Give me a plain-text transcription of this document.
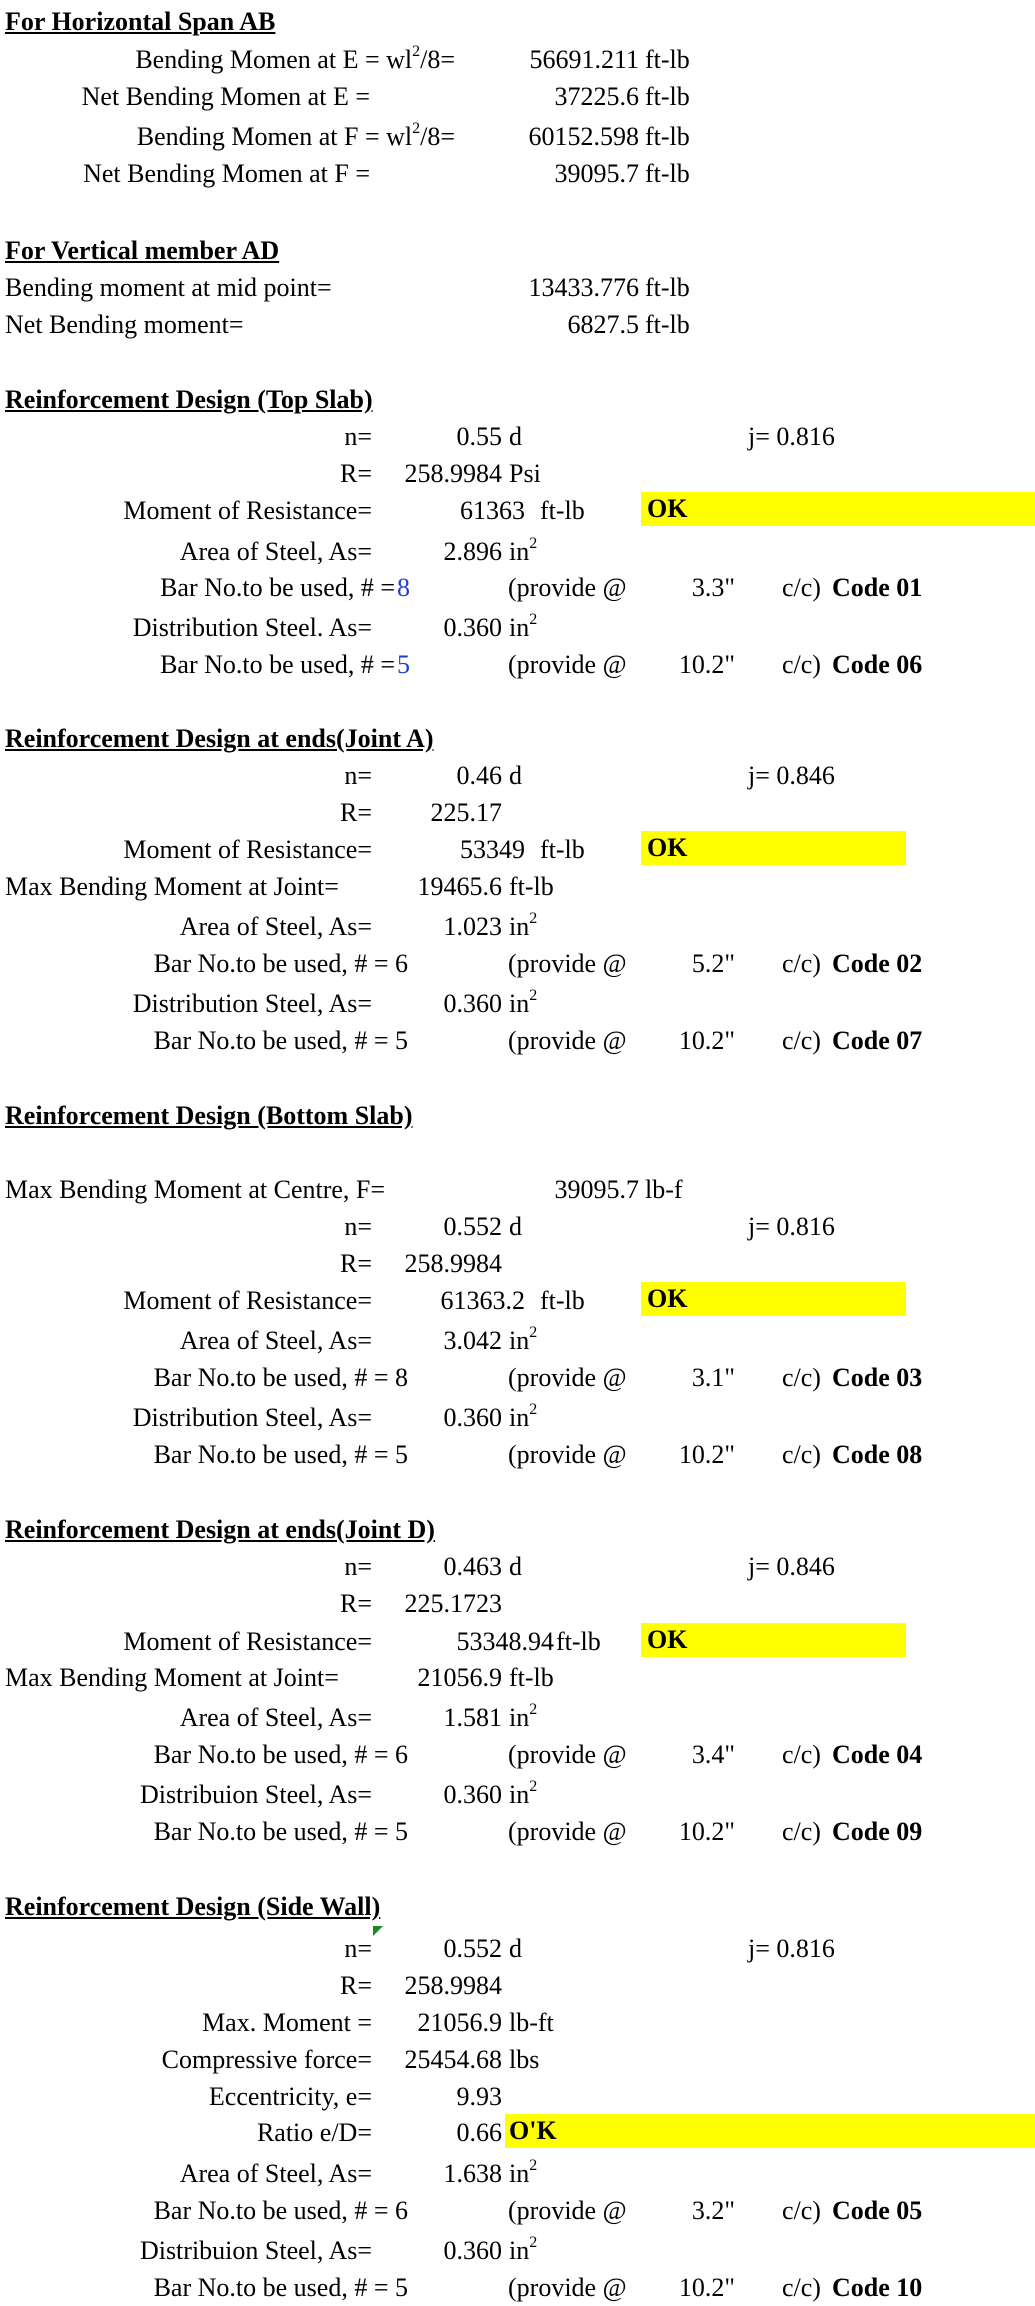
For Horizontal Span AB
Bending Momen at $E = wl^2/8=$	56691.211 ft-lb
Net Bending Momen at E =	37225.6 ft-lb
Bending Momen at $F = wl^2/8=$	60152.598 ft-lb
Net Bending Momen at F =	39095.7 ft-lb
For Vertical member AD
Bending moment at mid point=	13433.776 ft-lb
Net Bending moment=	6827.5 ft-lb
Reinforcement Design (Top Slab)
n=	0.55 d	j= 0.816
R= 258.9984 Psi
Moment of Resistance=	61363 ft-lb OK
Area of Steel, As=	2.896 $in^2$
Bar No.to be used, # = 8	(provide @	3.3" c/c) Code 01
Distribution Steel. As=	0.360 $in^2$
Bar No.to be used, # = 5	(provide @ 10.2" c/c) Code 06
Reinforcement Design at ends(Joint A)
n=	0.46 d	j= 0.846
R= 225.17
Moment of Resistance=	53349 ft-lb OK
Max Bending Moment at Joint=	19465.6 ft-lb
Area of Steel, As=	1.023 $in^2$
Bar No.to be used, # = 6	(provide @	5.2" c/c) Code 02
Distribution Steel, As=	0.360 $in^2$
Bar No.to be used, # = 5	(provide @ 10.2" c/c) Code 07
Reinforcement Design (Bottom Slab)
Max Bending Moment at Centre, F=	39095.7 lb-f
n=	0.552 d	j= 0.816
R= 258.9984
Moment of Resistance=	61363.2 ft-lb OK
Area of Steel, As=	3.042 $in^2$
Bar No.to be used, # = 8	(provide @	3.1" c/c) Code 03
Distribution Steel, As=	0.360 $in^2$
Bar No.to be used, # = 5	(provide @ 10.2" c/c) Code 08
Reinforcement Design at ends(Joint D)
n=	0.463 d	j= 0.846
R= 225.1723
Moment of Resistance=	53348.94 ft-lb OK
Max Bending Moment at Joint=	21056.9 ft-lb
Area of Steel, As=	1.581 $in^2$
Bar No.to be used, # = 6	(provide @	3.4" c/c) Code 04
Distribuion Steel, As=	0.360 $in^2$
Bar No.to be used, # = 5	(provide @ 10.2" c/c) Code 09
Reinforcement Design (Side Wall)
n=	0.552 d	j= 0.816
R= 258.9984
Max. Moment = 21056.9 lb-ft
Compressive force= 25454.68 lbs
Eccentricity, e=	9.93
Ratio e/D=	0.66 O'K
Area of Steel, As=	1.638 $in^2$
Bar No.to be used, # = 6	(provide @	3.2" c/c) Code 05
Distribuion Steel, As=	0.360 $in^2$
Bar No.to be used, # = 5	(provide @ 10.2" c/c) Code 10
